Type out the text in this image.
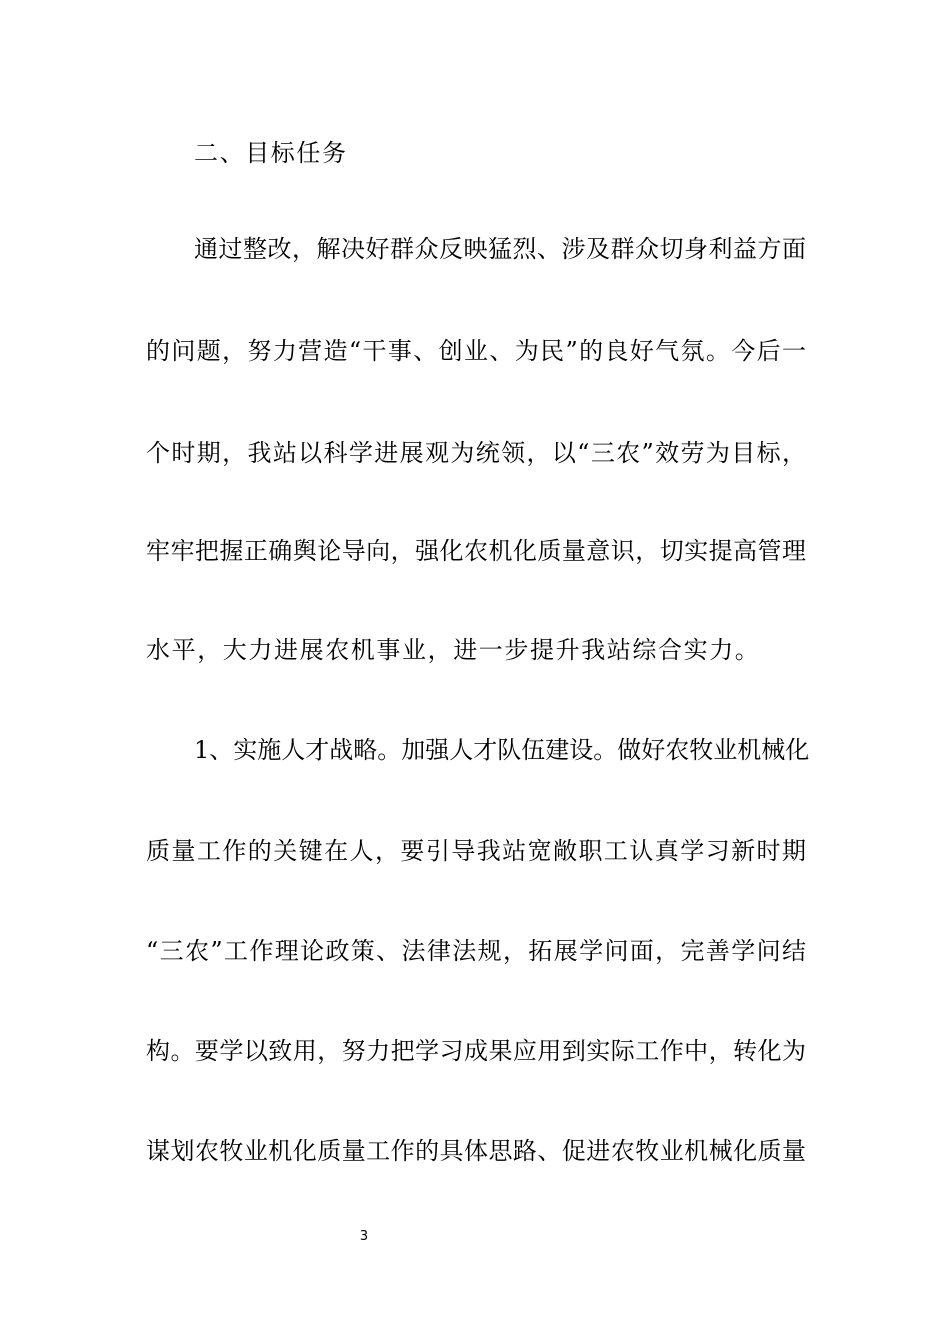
二、目标任务
通过整改，解决好群众反映猛烈、涉及群众切身利益方面
的问题，努力营造“干事、创业、为民”的良好气氛。今后一
个时期，我站以科学进展观为统领，以“三农”效劳为目标，
牢牢把握正确舆论导向，强化农机化质量意识，切实提高管理
水平，大力进展农机事业，进一步提升我站综合实力。
1、实施人才战略。加强人才队伍建设。做好农牧业机械化
质量工作的关键在人，要引导我站宽敞职工认真学习新时期
“三农”工作理论政策、法律法规，拓展学问面，完善学问结
构。要学以致用，努力把学习成果应用到实际工作中，转化为
谋划农牧业机化质量工作的具体思路、促进农牧业机械化质量
3
